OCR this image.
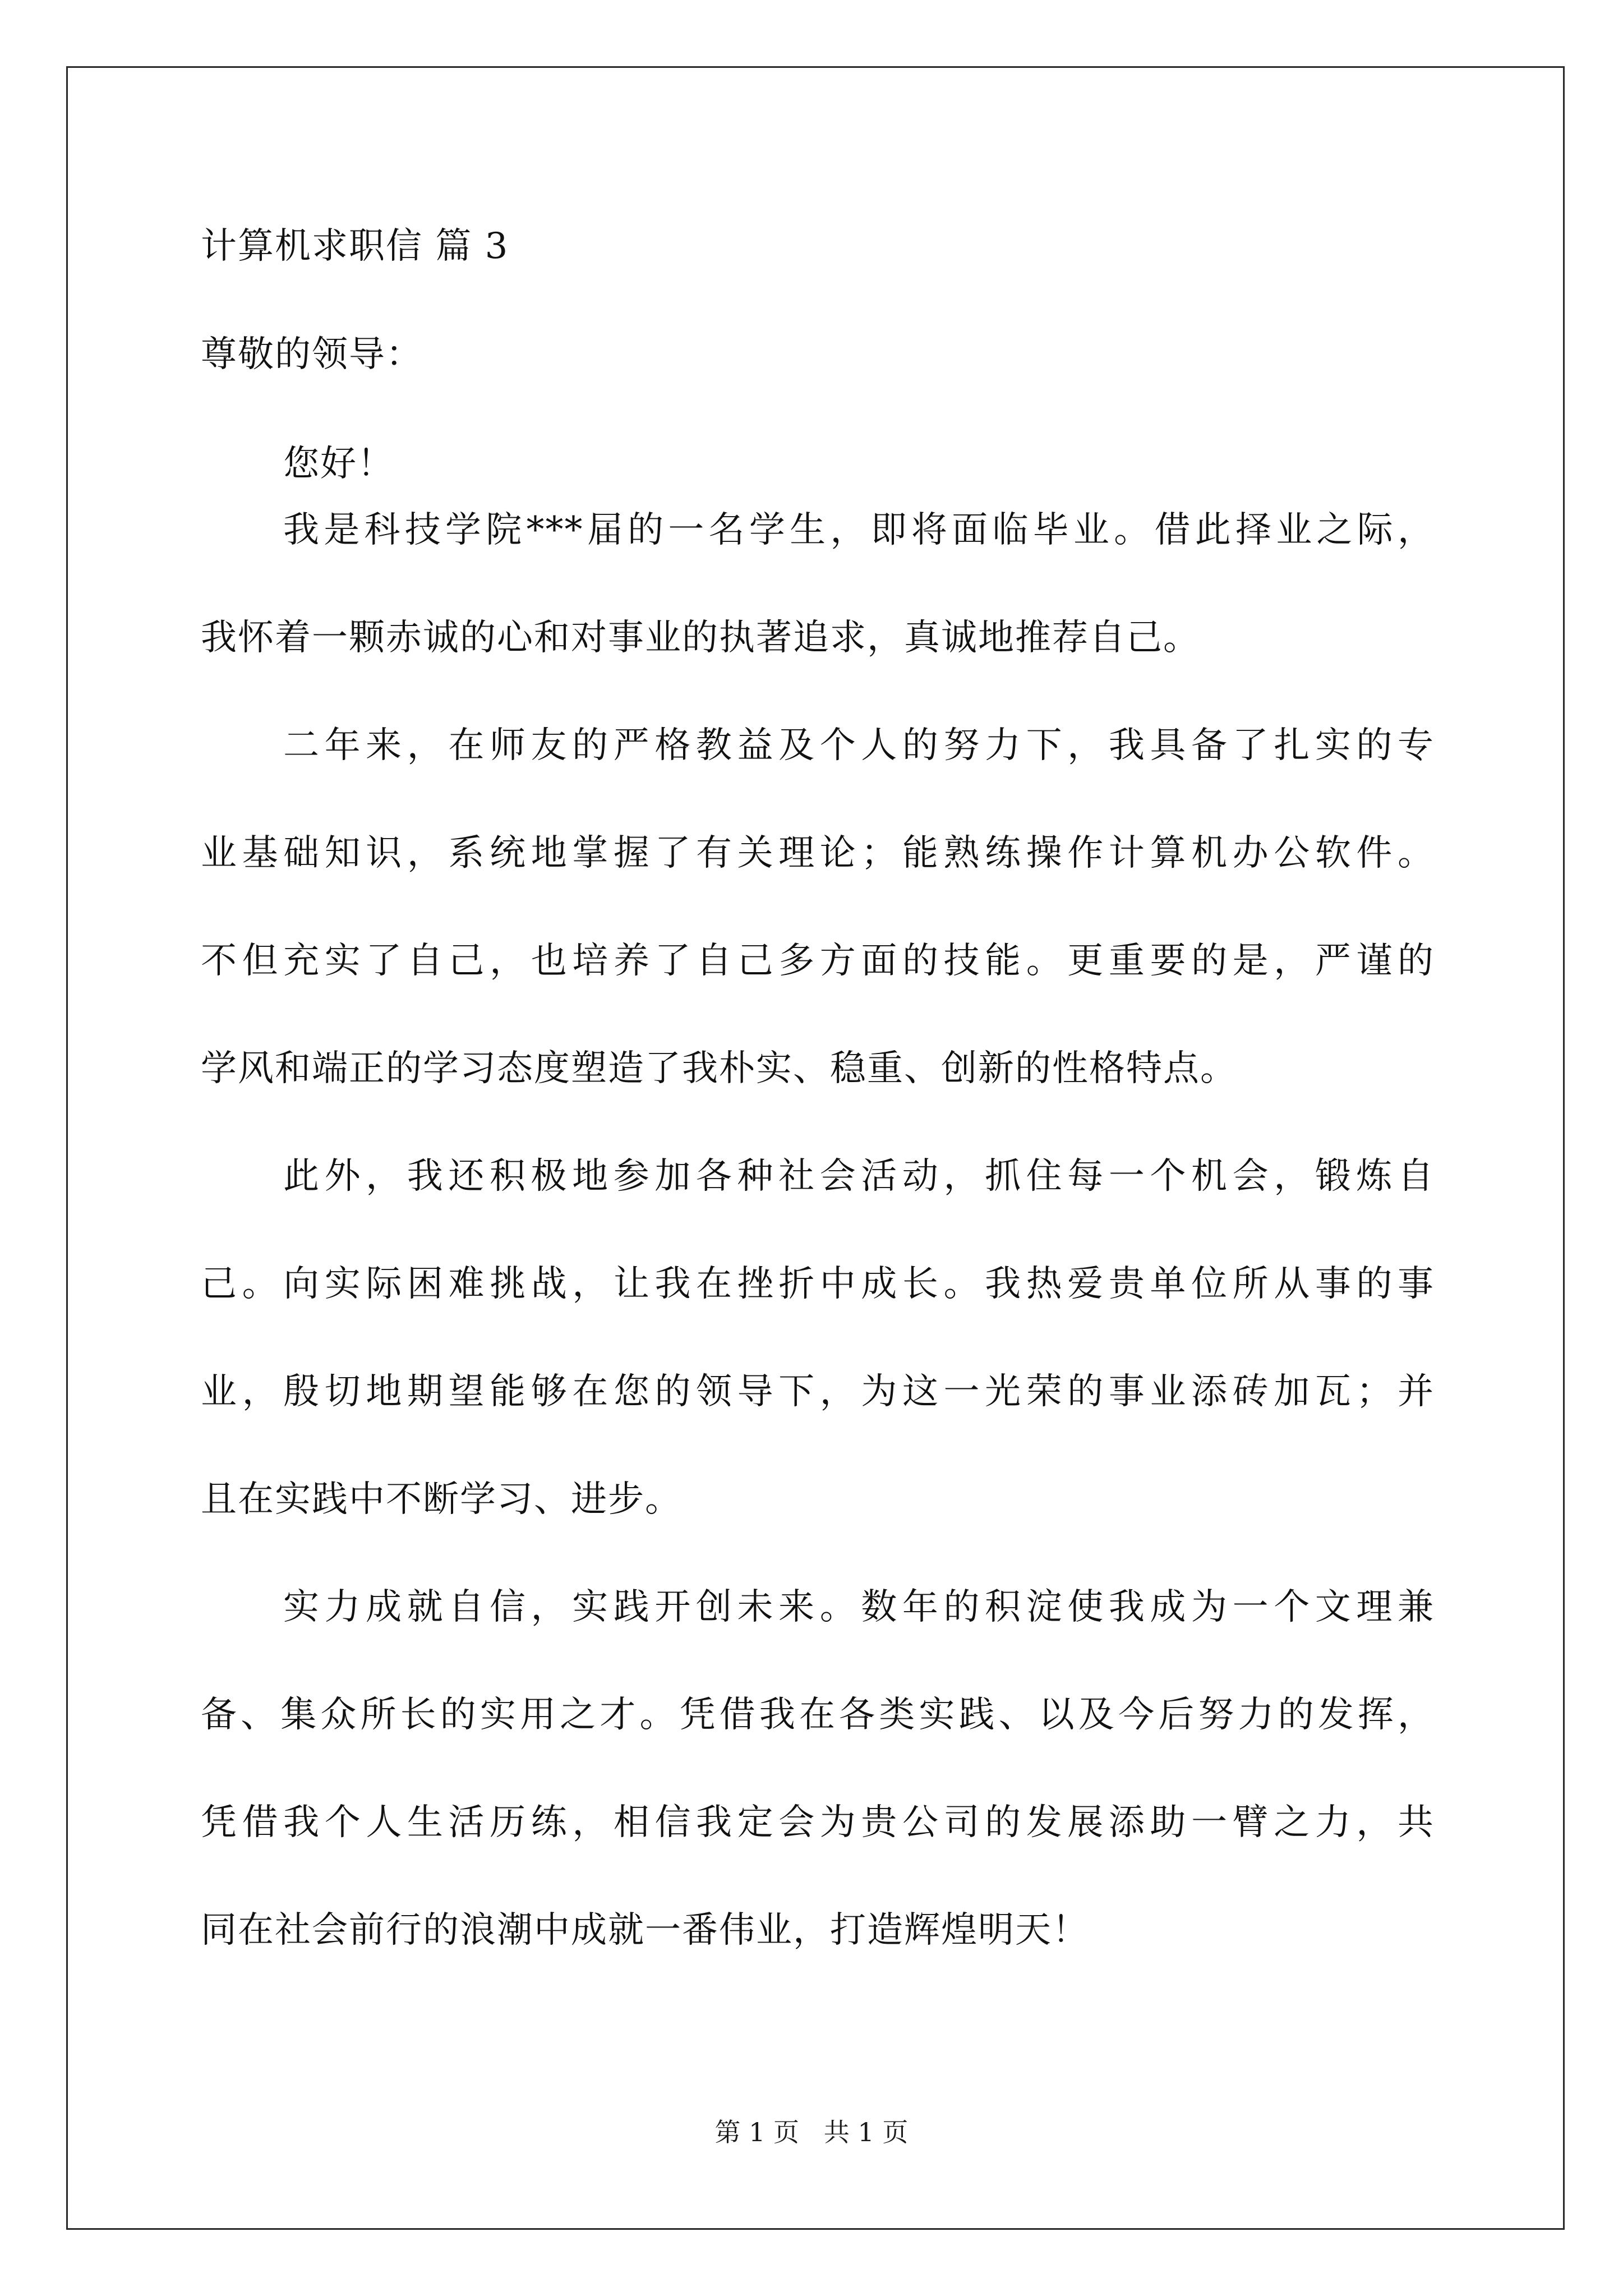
计算机求职信 篇 3
尊敬的领导：
您好！
我是科技学院***届的一名学生，即将面临毕业。借此择业之际，
我怀着一颗赤诚的心和对事业的执著追求，真诚地推荐自己。
二年来，在师友的严格教益及个人的努力下，我具备了扎实的专
业基础知识，系统地掌握了有关理论；能熟练操作计算机办公软件。
不但充实了自己，也培养了自己多方面的技能。更重要的是，严谨的
学风和端正的学习态度塑造了我朴实、稳重、创新的性格特点。
此外，我还积极地参加各种社会活动，抓住每一个机会，锻炼自
己。向实际困难挑战，让我在挫折中成长。我热爱贵单位所从事的事
业，殷切地期望能够在您的领导下，为这一光荣的事业添砖加瓦；并
且在实践中不断学习、进步。
实力成就自信，实践开创未来。数年的积淀使我成为一个文理兼
备、集众所长的实用之才。凭借我在各类实践、以及今后努力的发挥，
凭借我个人生活历练，相信我定会为贵公司的发展添助一臂之力，共
同在社会前行的浪潮中成就一番伟业，打造辉煌明天！
第 1 页   共 1 页
